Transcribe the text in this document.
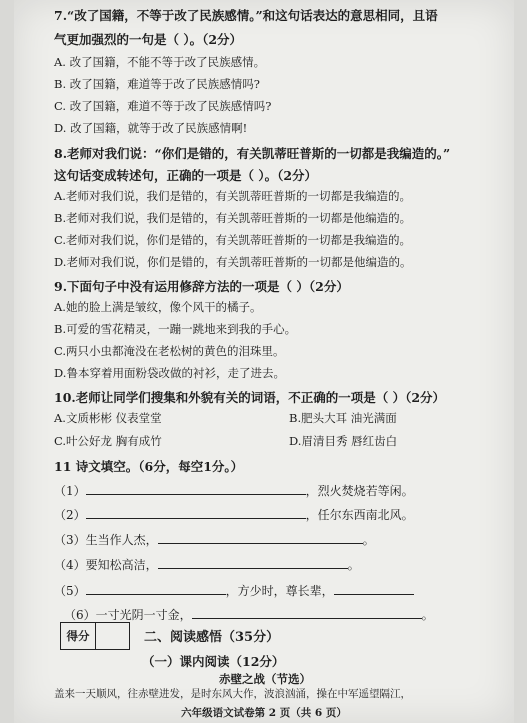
7.“改了国籍，不等于改了民族感情。”和这句话表达的意思相同，且语
气更加强烈的一句是（ ）。（2分）
A. 改了国籍，不能不等于改了民族感情。
B. 改了国籍，难道等于改了民族感情吗?
C. 改了国籍，难道不等于改了民族感情吗?
D. 改了国籍，就等于改了民族感情啊!
8.老师对我们说：“你们是错的，有关凯蒂旺普斯的一切都是我编造的。”
这句话变成转述句，正确的一项是（ ）。（2分）
A.老师对我们说，我们是错的，有关凯蒂旺普斯的一切都是我编造的。
B.老师对我们说，我们是错的，有关凯蒂旺普斯的一切都是他编造的。
C.老师对我们说，你们是错的，有关凯蒂旺普斯的一切都是我编造的。
D.老师对我们说，你们是错的，有关凯蒂旺普斯的一切都是他编造的。
9.下面句子中没有运用修辞方法的一项是（ ）（2分）
A.她的脸上满是皱纹，像个风干的橘子。
B.可爱的雪花精灵，一蹦一跳地来到我的手心。
C.两只小虫都淹没在老松树的黄色的泪珠里。
D.鲁本穿着用面粉袋改做的衬衫，走了进去。
10.老师让同学们搜集和外貌有关的词语，不正确的一项是（ ）（2分）
A.文质彬彬 仪表堂堂	B.肥头大耳 油光满面
C.叶公好龙 胸有成竹	D.眉清目秀 唇红齿白
11 诗文填空。（6分，每空1分。）
（1）	，烈火焚烧若等闲。
（2）	，任尔东西南北风。
（3）生当作人杰，	。
（4）要知松高洁，	。
（5）	，方少时，尊长辈，
（6）一寸光阴一寸金，	。
得分	二、阅读感悟（35分）
（一）课内阅读（12分）
赤壁之战（节选）
盖来一天顺风，往赤壁进发，是时东风大作，波浪汹涌，操在中军遥望隔江，
六年级语文试卷第 2 页（共 6 页）
